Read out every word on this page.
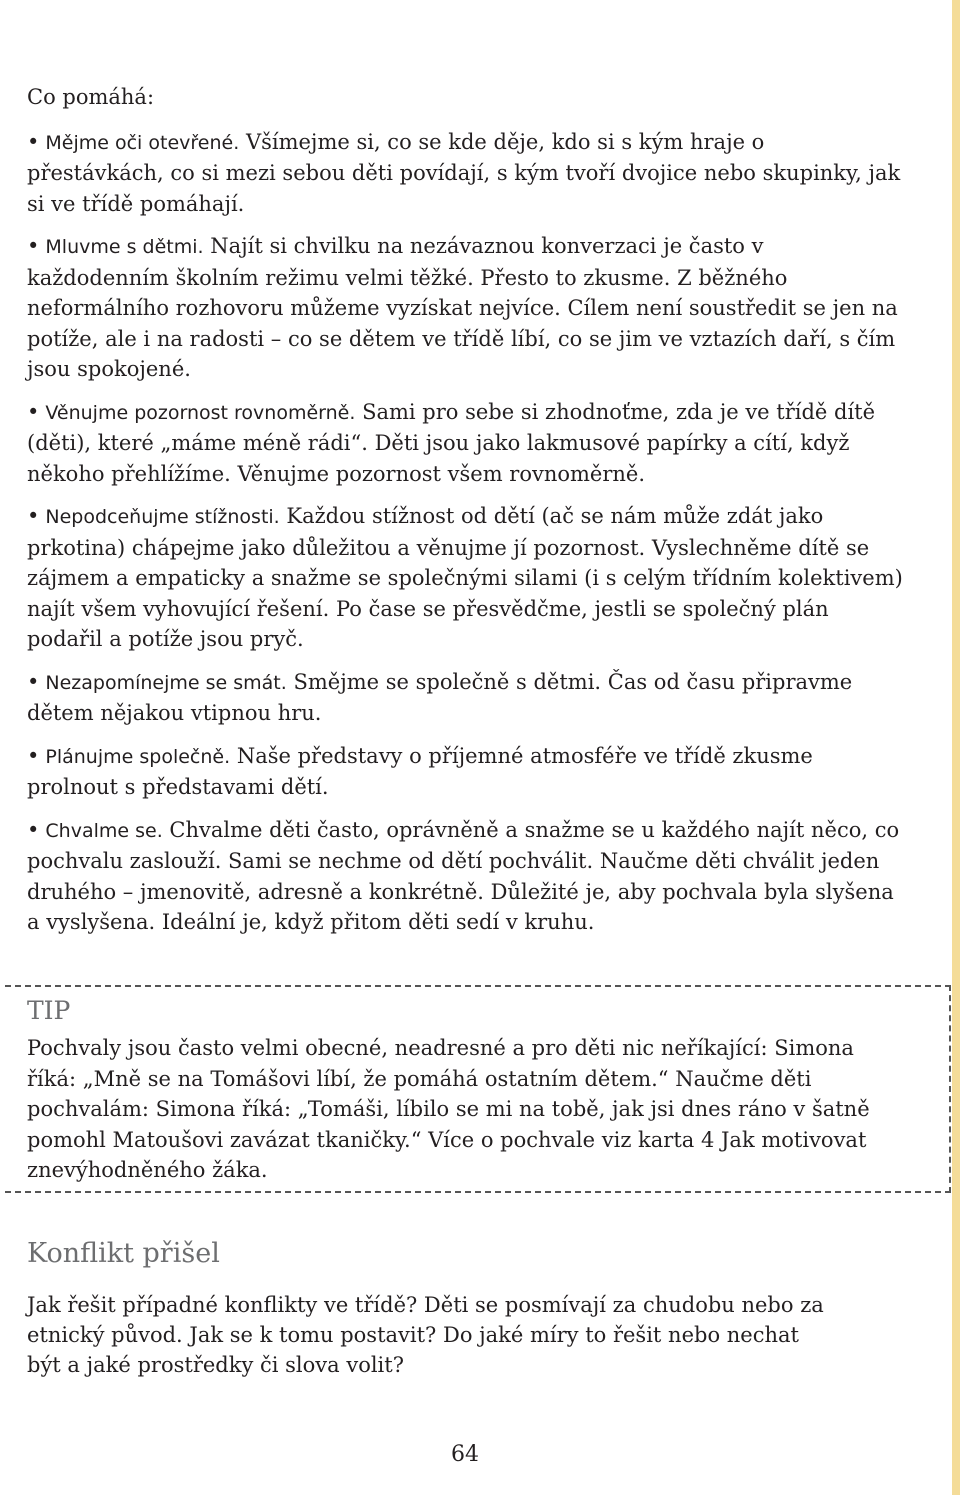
Co pomáhá:

• Mějme oči otevřené. Všímejme si, co se kde děje, kdo si s kým hraje o přestávkách, co si mezi sebou děti povídají, s kým tvoří dvojice nebo skupinky, jak si ve třídě pomáhají.
• Mluvme s dětmi. Najít si chvilku na nezávaznou konverzaci je často v každodenním školním režimu velmi těžké. Přesto to zkusme. Z běžného neformálního rozhovoru můžeme vyzískat nejvíce. Cílem není soustředit se jen na potíže, ale i na radosti – co se dětem ve třídě líbí, co se jim ve vztazích daří, s čím jsou spokojené.
• Věnujme pozornost rovnoměrně. Sami pro sebe si zhodnoťme, zda je ve třídě dítě (děti), které „máme méně rádi“. Děti jsou jako lakmusové papírky a cítí, když někoho přehlížíme. Věnujme pozornost všem rovnoměrně.
• Nepodceňujme stížnosti. Každou stížnost od dětí (ač se nám může zdát jako prkotina) chápejme jako důležitou a věnujme jí pozornost. Vyslechněme dítě se zájmem a empaticky a snažme se společnými silami (i s celým třídním kolektivem) najít všem vyhovující řešení. Po čase se přesvědčme, jestli se společný plán podařil a potíže jsou pryč.
• Nezapomínejme se smát. Smějme se společně s dětmi. Čas od času připravme dětem nějakou vtipnou hru.
• Plánujme společně. Naše představy o příjemné atmosféře ve třídě zkusme prolnout s představami dětí.
• Chvalme se. Chvalme děti často, oprávněně a snažme se u každého najít něco, co pochvalu zaslouží. Sami se nechme od dětí pochválit. Naučme děti chválit jeden druhého – jmenovitě, adresně a konkrétně. Důležité je, aby pochvala byla slyšena a vyslyšena. Ideální je, když přitom děti sedí v kruhu.

TIP

Pochvaly jsou často velmi obecné, neadresné a pro děti nic neříkající: Simona říká: „Mně se na Tomášovi líbí, že pomáhá ostatním dětem.“ Naučme děti pochvalám: Simona říká: „Tomáši, líbilo se mi na tobě, jak jsi dnes ráno v šatně pomohl Matoušovi zavázat tkaničky.“ Více o pochvale viz karta 4 Jak motivovat znevýhodněného žáka.

Konflikt přišel

Jak řešit případné konflikty ve třídě? Děti se posmívají za chudobu nebo za etnický původ. Jak se k tomu postavit? Do jaké míry to řešit nebo nechat být a jaké prostředky či slova volit?

64
